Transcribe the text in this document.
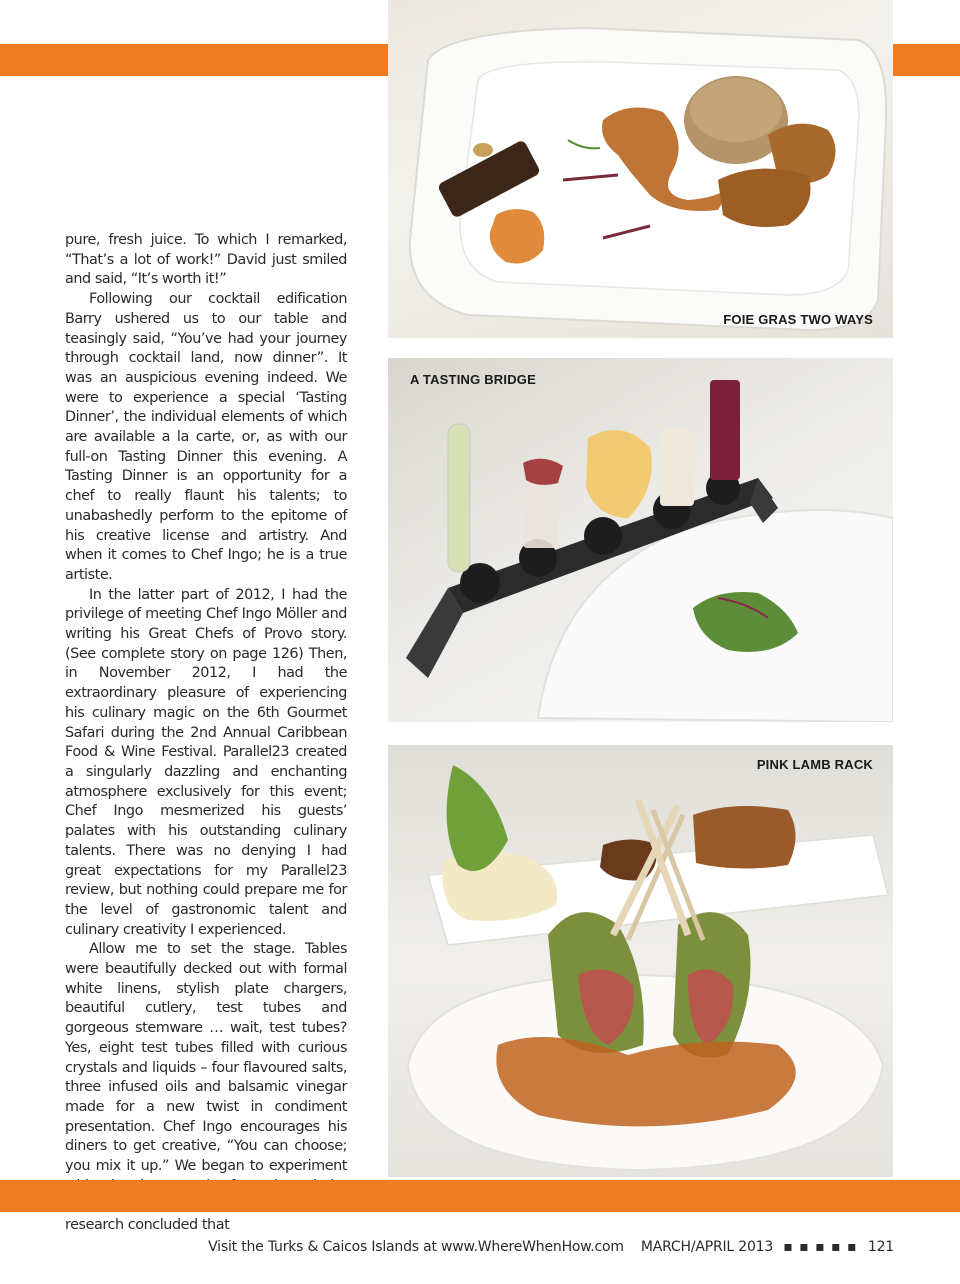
FOIE GRAS TWO WAYS
A TASTING BRIDGE
PINK LAMB RACK

pure, fresh juice. To which I remarked, “That’s a lot of work!” David just smiled and said, “It’s worth it!”

Following our cocktail edification Barry ushered us to our table and teasingly said, “You’ve had your journey through cocktail land, now dinner”. It was an auspicious evening indeed. We were to experience a special ‘Tasting Dinner’, the individual elements of which are available a la carte, or, as with our full-on Tasting Dinner this evening. A Tasting Dinner is an opportunity for a chef to really flaunt his talents; to unabashedly perform to the epitome of his creative license and artistry. And when it comes to Chef Ingo; he is a true artiste.

In the latter part of 2012, I had the privilege of meeting Chef Ingo Möller and writing his Great Chefs of Provo story. (See complete story on page 126) Then, in November 2012, I had the extraordinary pleasure of experiencing his culinary magic on the 6th Gourmet Safari during the 2nd Annual Caribbean Food & Wine Festival. Parallel23 created a singularly dazzling and enchanting atmosphere exclusively for this event; Chef Ingo mesmerized his guests’ palates with his outstanding culinary talents. There was no denying I had great expectations for my Parallel23 review, but nothing could prepare me for the level of gastronomic talent and culinary creativity I experienced.

Allow me to set the stage. Tables were beautifully decked out with formal white linens, stylish plate chargers, beautiful cutlery, test tubes and gorgeous stemware … wait, test tubes? Yes, eight test tubes filled with curious crystals and liquids – four flavoured salts, three infused oils and balsamic vinegar made for a new twist in condiment presentation. Chef Ingo encourages his diners to get creative, “You can choose; you mix it up.” We began to experiment research concluded that

Visit the Turks & Caicos Islands at www.WhereWhenHow.com MARCH/APRIL 2013 ▪ ▪ ▪ ▪ ▪ 121
